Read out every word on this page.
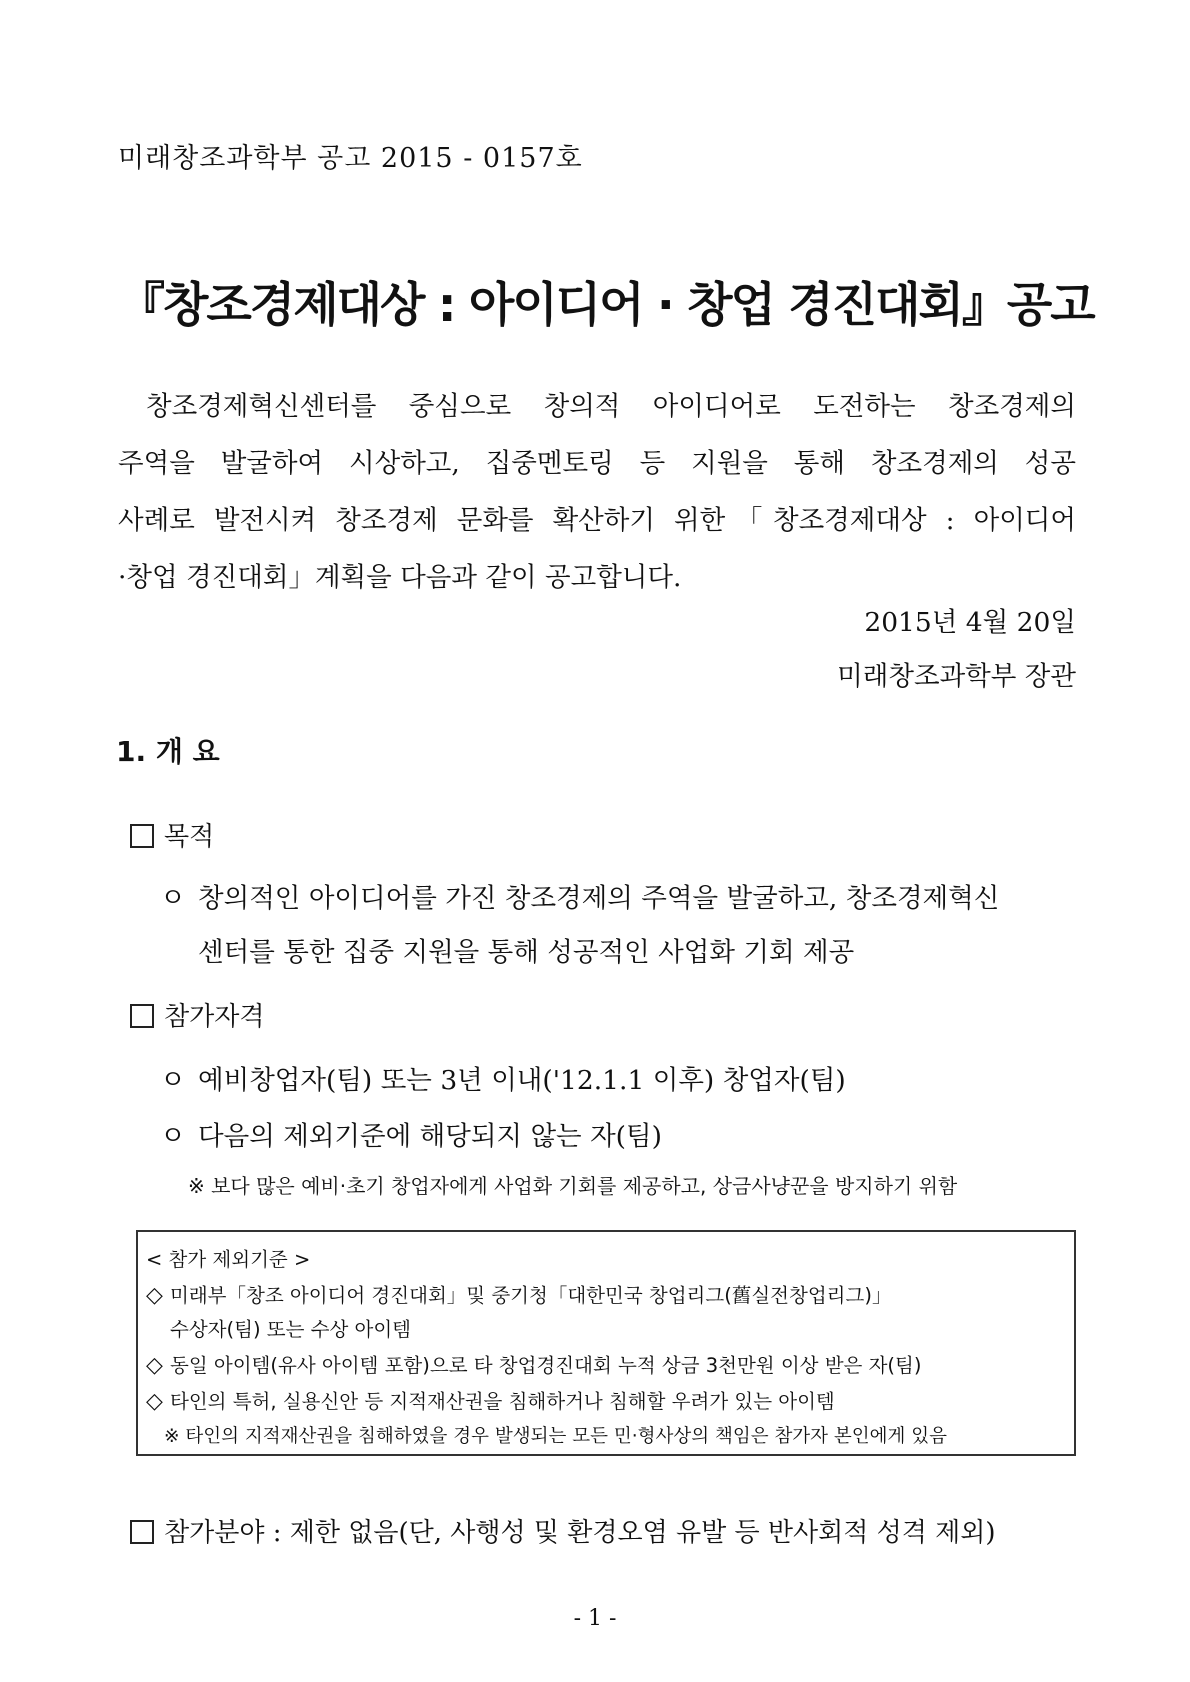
미래창조과학부 공고 2015 - 0157호
『창조경제대상 : 아이디어 · 창업 경진대회』공고
창조경제혁신센터를 중심으로 창의적 아이디어로 도전하는 창조경제의
주역을 발굴하여 시상하고, 집중멘토링 등 지원을 통해 창조경제의 성공
사례로 발전시켜 창조경제 문화를 확산하기 위한「창조경제대상 : 아이디어
·창업 경진대회」계획을 다음과 같이 공고합니다.
2015년 4월 20일
미래창조과학부 장관
1. 개 요
목적
ㅇ 창의적인 아이디어를 가진 창조경제의 주역을 발굴하고, 창조경제혁신
센터를 통한 집중 지원을 통해 성공적인 사업화 기회 제공
참가자격
ㅇ 예비창업자(팀) 또는 3년 이내('12.1.1 이후) 창업자(팀)
ㅇ 다음의 제외기준에 해당되지 않는 자(팀)
※ 보다 많은 예비·초기 창업자에게 사업화 기회를 제공하고, 상금사냥꾼을 방지하기 위함
< 참가 제외기준 >
◇ 미래부「창조 아이디어 경진대회」및 중기청「대한민국 창업리그(舊실전창업리그)」
수상자(팀) 또는 수상 아이템
◇ 동일 아이템(유사 아이템 포함)으로 타 창업경진대회 누적 상금 3천만원 이상 받은 자(팀)
◇ 타인의 특허, 실용신안 등 지적재산권을 침해하거나 침해할 우려가 있는 아이템
※ 타인의 지적재산권을 침해하였을 경우 발생되는 모든 민·형사상의 책임은 참가자 본인에게 있음
참가분야 : 제한 없음(단, 사행성 및 환경오염 유발 등 반사회적 성격 제외)
- 1 -
